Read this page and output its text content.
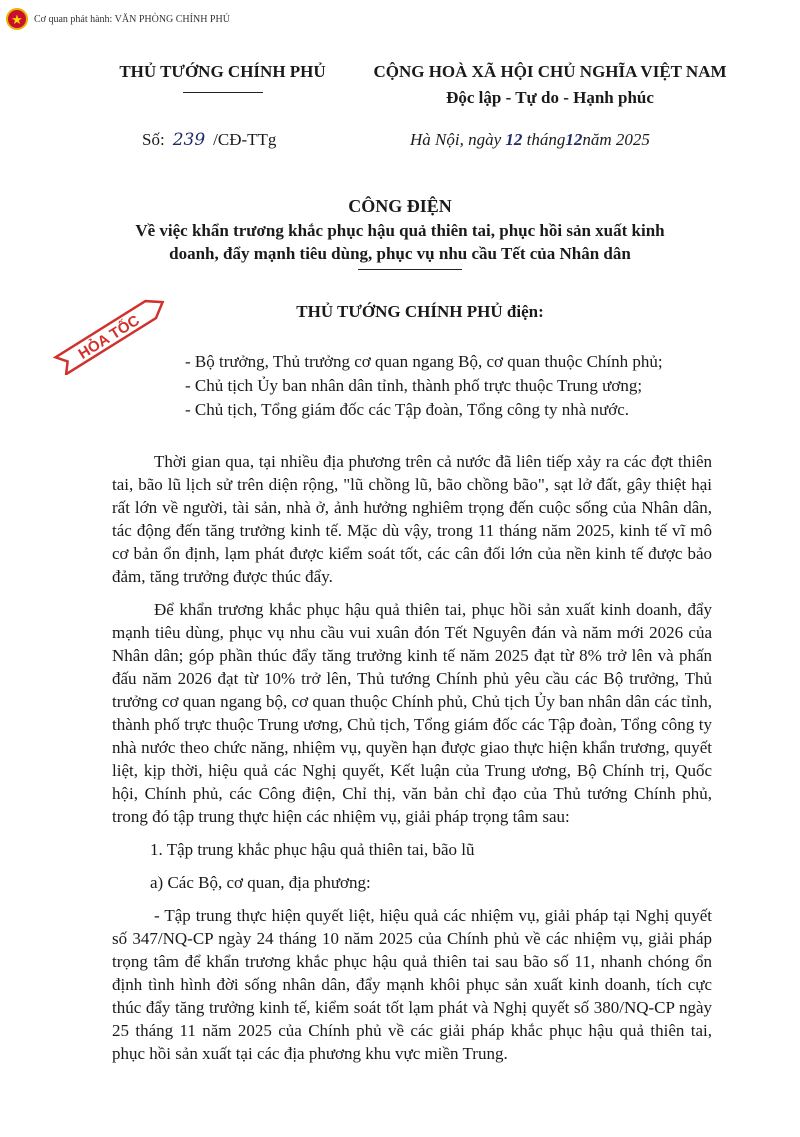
★	Cơ quan phát hành: VĂN PHÒNG CHÍNH PHỦ
THỦ TƯỚNG CHÍNH PHỦ	CỘNG HOÀ XÃ HỘI CHỦ NGHĨA VIỆT NAM
Độc lập - Tự do - Hạnh phúc
Số: 239 /CĐ-TTg	Hà Nội, ngày 12 tháng12năm 2025
CÔNG ĐIỆN
Về việc khẩn trương khắc phục hậu quả thiên tai, phục hồi sản xuất kinh doanh, đẩy mạnh tiêu dùng, phục vụ nhu cầu Tết của Nhân dân
HỎA TỐC
THỦ TƯỚNG CHÍNH PHỦ điện:
- Bộ trưởng, Thủ trưởng cơ quan ngang Bộ, cơ quan thuộc Chính phủ;
- Chủ tịch Ủy ban nhân dân tỉnh, thành phố trực thuộc Trung ương;
- Chủ tịch, Tổng giám đốc các Tập đoàn, Tổng công ty nhà nước.

Thời gian qua, tại nhiều địa phương trên cả nước đã liên tiếp xảy ra các đợt thiên tai, bão lũ lịch sử trên diện rộng, "lũ chồng lũ, bão chồng bão", sạt lở đất, gây thiệt hại rất lớn về người, tài sản, nhà ở, ảnh hưởng nghiêm trọng đến cuộc sống của Nhân dân, tác động đến tăng trưởng kinh tế. Mặc dù vậy, trong 11 tháng năm 2025, kinh tế vĩ mô cơ bản ổn định, lạm phát được kiểm soát tốt, các cân đối lớn của nền kinh tế được bảo đảm, tăng trưởng được thúc đẩy.

Để khẩn trương khắc phục hậu quả thiên tai, phục hồi sản xuất kinh doanh, đẩy mạnh tiêu dùng, phục vụ nhu cầu vui xuân đón Tết Nguyên đán và năm mới 2026 của Nhân dân; góp phần thúc đẩy tăng trưởng kinh tế năm 2025 đạt từ 8% trở lên và phấn đấu năm 2026 đạt từ 10% trở lên, Thủ tướng Chính phủ yêu cầu các Bộ trưởng, Thủ trưởng cơ quan ngang bộ, cơ quan thuộc Chính phủ, Chủ tịch Ủy ban nhân dân các tỉnh, thành phố trực thuộc Trung ương, Chủ tịch, Tổng giám đốc các Tập đoàn, Tổng công ty nhà nước theo chức năng, nhiệm vụ, quyền hạn được giao thực hiện khẩn trương, quyết liệt, kịp thời, hiệu quả các Nghị quyết, Kết luận của Trung ương, Bộ Chính trị, Quốc hội, Chính phủ, các Công điện, Chỉ thị, văn bản chỉ đạo của Thủ tướng Chính phủ, trong đó tập trung thực hiện các nhiệm vụ, giải pháp trọng tâm sau:

1. Tập trung khắc phục hậu quả thiên tai, bão lũ

a) Các Bộ, cơ quan, địa phương:

- Tập trung thực hiện quyết liệt, hiệu quả các nhiệm vụ, giải pháp tại Nghị quyết số 347/NQ-CP ngày 24 tháng 10 năm 2025 của Chính phủ về các nhiệm vụ, giải pháp trọng tâm để khẩn trương khắc phục hậu quả thiên tai sau bão số 11, nhanh chóng ổn định tình hình đời sống nhân dân, đẩy mạnh khôi phục sản xuất kinh doanh, tích cực thúc đẩy tăng trưởng kinh tế, kiểm soát tốt lạm phát và Nghị quyết số 380/NQ-CP ngày 25 tháng 11 năm 2025 của Chính phủ về các giải pháp khắc phục hậu quả thiên tai, phục hồi sản xuất tại các địa phương khu vực miền Trung.
